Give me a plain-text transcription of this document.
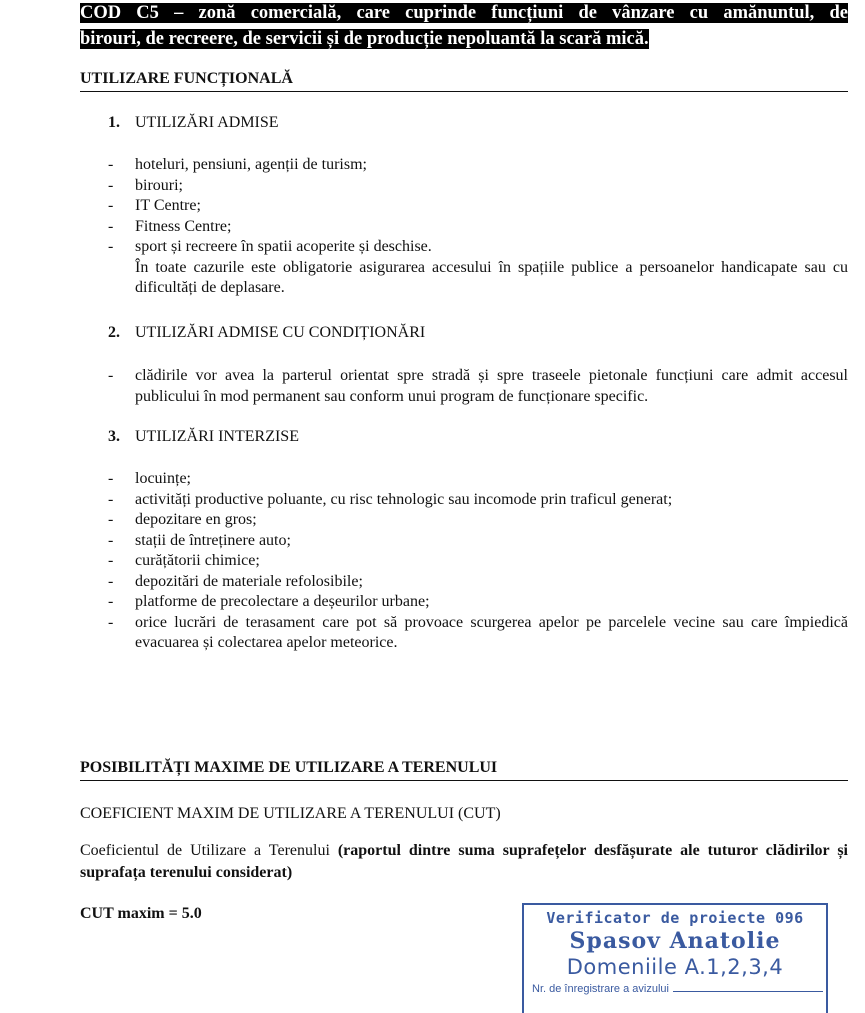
COD C5 – zonă comercială, care cuprinde funcțiuni de vânzare cu amănuntul, de
birouri, de recreere, de servicii și de producție nepoluantă la scară mică.
UTILIZARE FUNCȚIONALĂ
1. UTILIZĂRI ADMISE
- hoteluri, pensiuni, agenții de turism;
- birouri;
- IT Centre;
- Fitness Centre;
- sport și recreere în spatii acoperite și deschise.
În toate cazurile este obligatorie asigurarea accesului în spațiile publice a persoanelor handicapate sau cu dificultăți de deplasare.
2. UTILIZĂRI ADMISE CU CONDIȚIONĂRI
- clădirile vor avea la parterul orientat spre stradă și spre traseele pietonale funcțiuni care admit accesul publicului în mod permanent sau conform unui program de funcționare specific.
3. UTILIZĂRI INTERZISE
- locuințe;
- activități productive poluante, cu risc tehnologic sau incomode prin traficul generat;
- depozitare en gros;
- stații de întreținere auto;
- curățătorii chimice;
- depozitări de materiale refolosibile;
- platforme de precolectare a deșeurilor urbane;
- orice lucrări de terasament care pot să provoace scurgerea apelor pe parcelele vecine sau care împiedică evacuarea și colectarea apelor meteorice.
POSIBILITĂȚI MAXIME DE UTILIZARE A TERENULUI
COEFICIENT MAXIM DE UTILIZARE A TERENULUI (CUT)
Coeficientul de Utilizare a Terenului (raportul dintre suma suprafețelor desfășurate ale tuturor clădirilor și suprafața terenului considerat)
CUT maxim = 5.0	Verificator de proiecte 096
Spasov Anatolie
Domeniile A.1,2,3,4
Nr. de înregistrare a avizului
